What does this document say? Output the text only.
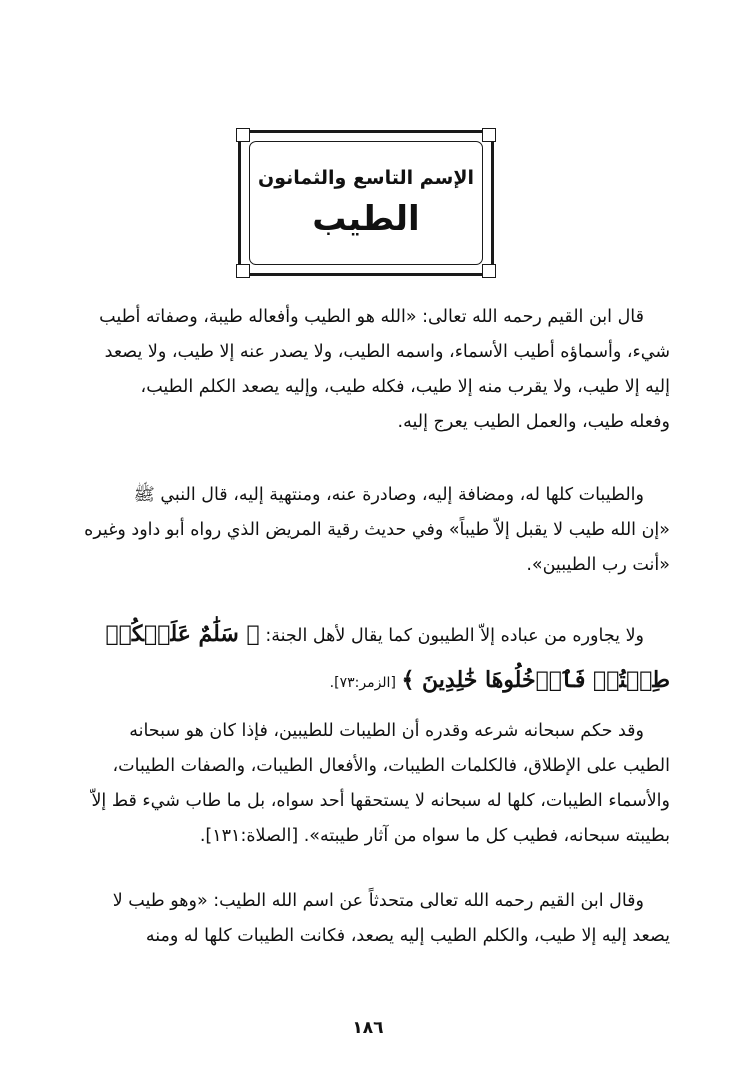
الإسم التاسع والثمانون
الطيب
قال ابن القيم رحمه الله تعالى: «الله هو الطيب وأفعاله طيبة، وصفاته أطيب
شيء، وأسماؤه أطيب الأسماء، واسمه الطيب، ولا يصدر عنه إلا طيب، ولا يصعد
إليه إلا طيب، ولا يقرب منه إلا طيب، فكله طيب، وإليه يصعد الكلم الطيب،
وفعله طيب، والعمل الطيب يعرج إليه.
والطيبات كلها له، ومضافة إليه، وصادرة عنه، ومنتهية إليه، قال النبي ﷺ
«إن الله طيب لا يقبل إلاّ طيباً» وفي حديث رقية المريض الذي رواه أبو داود وغيره
«أنت رب الطيبين».
ولا يجاوره من عباده إلاّ الطيبون كما يقال لأهل الجنة: ﴿ سَلَٰمٌ عَلَيۡكُمۡ
طِبۡتُمۡ فَٱدۡخُلُوهَا خَٰلِدِينَ ﴾ [الزمر:٧٣].
وقد حكم سبحانه شرعه وقدره أن الطيبات للطيبين، فإذا كان هو سبحانه
الطيب على الإطلاق، فالكلمات الطيبات، والأفعال الطيبات، والصفات الطيبات،
والأسماء الطيبات، كلها له سبحانه لا يستحقها أحد سواه، بل ما طاب شيء قط إلاّ
بطيبته سبحانه، فطيب كل ما سواه من آثار طيبته». [الصلاة:١٣١].
وقال ابن القيم رحمه الله تعالى متحدثاً عن اسم الله الطيب: «وهو طيب لا
يصعد إليه إلا طيب، والكلم الطيب إليه يصعد، فكانت الطيبات كلها له ومنه
١٨٦
